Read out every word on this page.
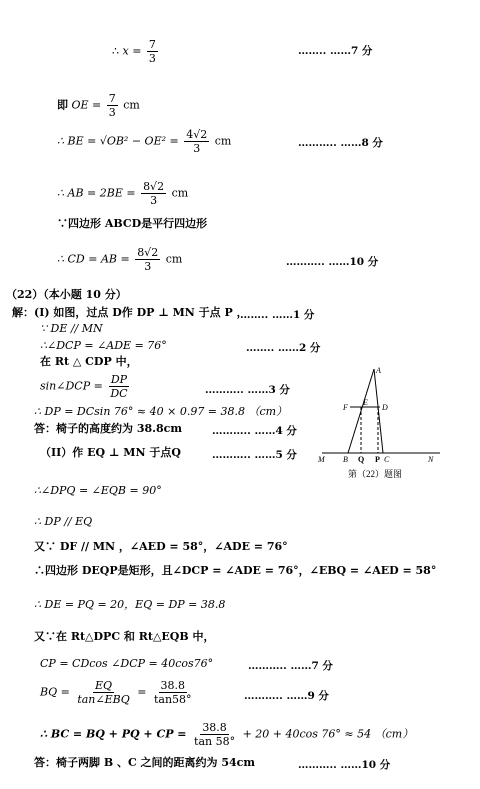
∴ $x = \frac{7}{3}$	…….. ……7 分
即 OE = $\frac{7}{3}$ cm
∴ BE = $√OB^2 - OE^2 = \frac{4√2}{3}$ cm	……….. ……8 分
∴ AB = $2BE = \frac{8√2}{3}$ cm
∵四边形 ABCD是平行四边形
∴ CD = AB = $\frac{8√2}{3}$ cm	……….. ……10 分
（22）（本小题 10 分）
解：(I) 如图，过点 D作 DP ⊥ MN 于点 P ，
…….. ……1 分
∵ DE // MN
∴∠DCP = ∠ADE = 76°	…….. ……2 分
在 Rt △ CDP 中，
sin∠DCP = $\frac{DP}{DC}$	……….. ……3 分
∴ DP = DCsin 76° ≈ 40 × 0.97 = 38.8 （cm）
答：椅子的高度约为 38.8cm	……….. ……4 分
（II）作 EQ ⊥ MN 于点Q	……….. ……5 分
∴∠DPQ = ∠EQB = 90°
∴ DP // EQ
又∵ DF // MN ，∠AED = 58°，∠ADE = 76°
∴四边形 DEQP是矩形，且∠DCP = ∠ADE = 76°，∠EBQ = ∠AED = 58°
∴ DE = PQ = 20，EQ = DP = 38.8
又∵在 Rt△DPC 和 Rt△EQB 中，
CP = CDcos ∠DCP = 40cos76°	……….. ……7 分
BQ = $\frac{EQ}{\text{tan∠EBQ}} = \frac{38.8}{\tan 58^\circ}$	……….. ……9 分
∴ BC = BQ + PQ + CP = $\frac{38.8}{\tan 58^\circ} + 20 + 40\cos$ 76° ≈ 54 （cm）
答：椅子两脚 B 、C 之间的距离约为 54cm	……….. ……10 分
A
F
E
D
M B Q P C	N
第（22）题图
